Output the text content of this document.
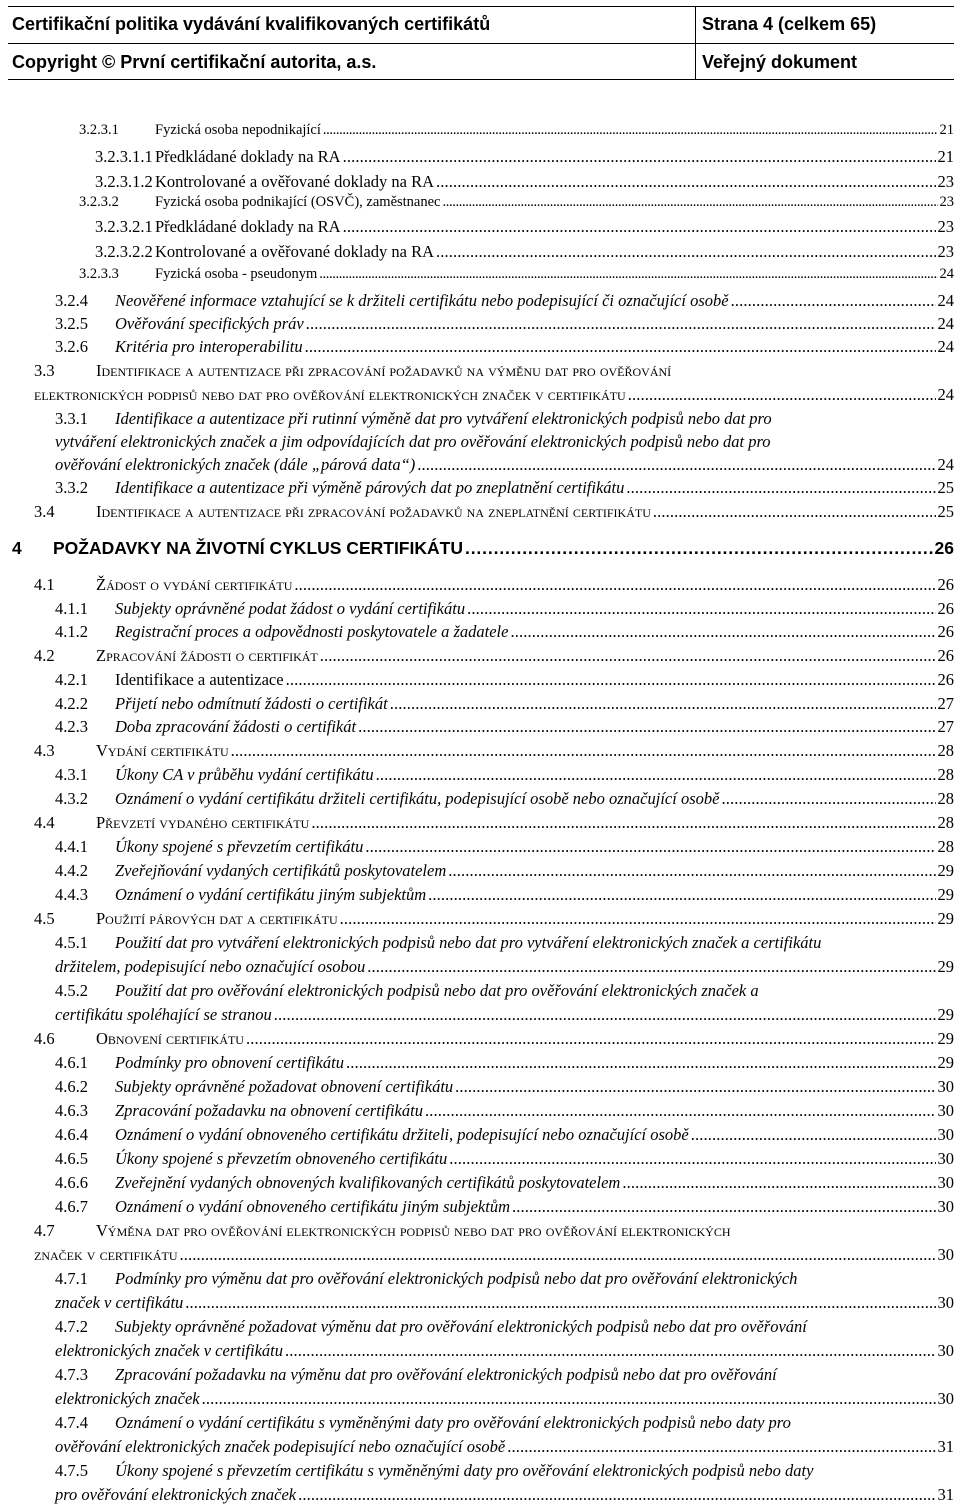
Certifikační politika vydávání kvalifikovaných certifikátů	Strana 4 (celkem 65)
Copyright © První certifikační autorita, a.s.	Veřejný dokument
3.2.3.1 Fyzická osoba nepodnikající . . .	21
3.2.3.1.1 Předkládané doklady na RA . . .	21
3.2.3.1.2 Kontrolované a ověřované doklady na RA . . .	23
3.2.3.2 Fyzická osoba podnikající (OSVČ), zaměstnanec . . .	23
3.2.3.2.1 Předkládané doklady na RA . . .	23
3.2.3.2.2 Kontrolované a ověřované doklady na RA . . .	23
3.2.3.3 Fyzická osoba - pseudonym . . .	24
3.2.4 Neověřené informace vztahující se k držiteli certifikátu nebo podepisující či označující osobě . . .	24
3.2.5 Ověřování specifických práv . . .	24
3.2.6 Kritéria pro interoperabilitu . . .	24
3.3	Identifikace a autentizace při zpracování požadavků na výměnu dat pro ověřování
elektronických podpisů nebo dat pro ověřování elektronických značek v certifikátu . . .	24
3.3.1 Identifikace a autentizace při rutinní výměně dat pro vytváření elektronických podpisů nebo dat pro
vytváření elektronických značek a jim odpovídajících dat pro ověřování elektronických podpisů nebo dat pro
ověřování elektronických značek (dále „párová data“) . . .	24
3.3.2 Identifikace a autentizace při výměně párových dat po zneplatnění certifikátu . . .	25
3.4	Identifikace a autentizace při zpracování požadavků na zneplatnění certifikátu . . .	25
4 POŽADAVKY NA ŽIVOTNÍ CYKLUS CERTIFIKÁTU . . .	26
4.1	Žádost o vydání certifikátu . . .	26
4.1.1 Subjekty oprávněné podat žádost o vydání certifikátu . . .	26
4.1.2 Registrační proces a odpovědnosti poskytovatele a žadatele . . .	26
4.2	Zpracování žádosti o certifikát . . .	26
4.2.1 Identifikace a autentizace . . .	26
4.2.2 Přijetí nebo odmítnutí žádosti o certifikát . . .	27
4.2.3 Doba zpracování žádosti o certifikát . . .	27
4.3	Vydání certifikátu . . .	28
4.3.1 Úkony CA v průběhu vydání certifikátu . . .	28
4.3.2 Oznámení o vydání certifikátu držiteli certifikátu, podepisující osobě nebo označující osobě . . .	28
4.4	Převzetí vydaného certifikátu . . .	28
4.4.1 Úkony spojené s převzetím certifikátu . . .	28
4.4.2 Zveřejňování vydaných certifikátů poskytovatelem . . .	29
4.4.3 Oznámení o vydání certifikátu jiným subjektům . . .	29
4.5	Použití párových dat a certifikátu . . .	29
4.5.1 Použití dat pro vytváření elektronických podpisů nebo dat pro vytváření elektronických značek a certifikátu
držitelem, podepisující nebo označující osobou . . .	29
4.5.2 Použití dat pro ověřování elektronických podpisů nebo dat pro ověřování elektronických značek a
certifikátu spoléhající se stranou . . .	29
4.6	Obnovení certifikátu . . .	29
4.6.1 Podmínky pro obnovení certifikátu . . .	29
4.6.2 Subjekty oprávněné požadovat obnovení certifikátu . . .	30
4.6.3 Zpracování požadavku na obnovení certifikátu . . .	30
4.6.4 Oznámení o vydání obnoveného certifikátu držiteli, podepisující nebo označující osobě . . .	30
4.6.5 Úkony spojené s převzetím obnoveného certifikátu . . .	30
4.6.6 Zveřejnění vydaných obnovených kvalifikovaných certifikátů poskytovatelem . . .	30
4.6.7 Oznámení o vydání obnoveného certifikátu jiným subjektům . . .	30
4.7	Výměna dat pro ověřování elektronických podpisů nebo dat pro ověřování elektronických
značek v certifikátu . . .	30
4.7.1 Podmínky pro výměnu dat pro ověřování elektronických podpisů nebo dat pro ověřování elektronických
značek v certifikátu . . .	30
4.7.2 Subjekty oprávněné požadovat výměnu dat pro ověřování elektronických podpisů nebo dat pro ověřování
elektronických značek v certifikátu . . .	30
4.7.3 Zpracování požadavku na výměnu dat pro ověřování elektronických podpisů nebo dat pro ověřování
elektronických značek . . .	30
4.7.4 Oznámení o vydání certifikátu s vyměněnými daty pro ověřování elektronických podpisů nebo daty pro
ověřování elektronických značek podepisující nebo označující osobě . . .	31
4.7.5 Úkony spojené s převzetím certifikátu s vyměněnými daty pro ověřování elektronických podpisů nebo daty
pro ověřování elektronických značek . . .	31
